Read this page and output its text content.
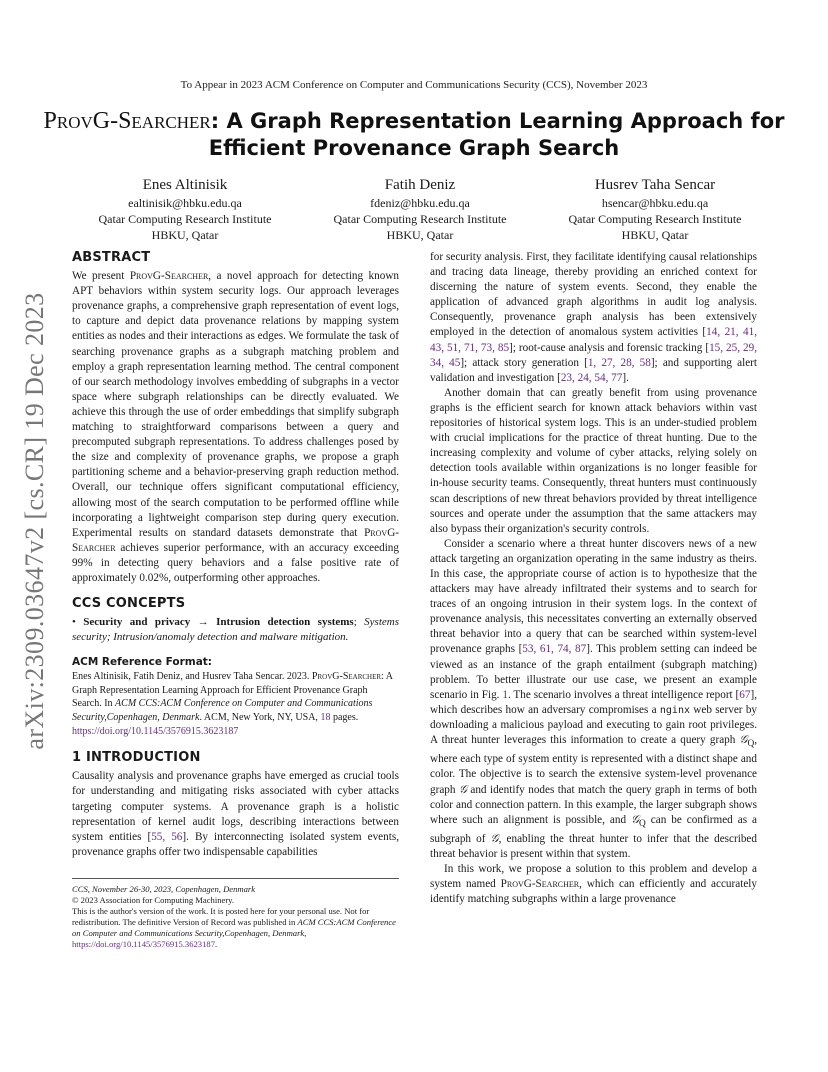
To Appear in 2023 ACM Conference on Computer and Communications Security (CCS), November 2023
ProvG-Searcher: A Graph Representation Learning Approach for
Efficient Provenance Graph Search
Enes Altinisik
ealtinisik@hbku.edu.qa
Qatar Computing Research Institute
HBKU, Qatar
Fatih Deniz
fdeniz@hbku.edu.qa
Qatar Computing Research Institute
HBKU, Qatar
Husrev Taha Sencar
hsencar@hbku.edu.qa
Qatar Computing Research Institute
HBKU, Qatar
arXiv:2309.03647v2 [cs.CR] 19 Dec 2023
ABSTRACT

We present ProvG-Searcher, a novel approach for detecting known APT behaviors within system security logs. Our approach leverages provenance graphs, a comprehensive graph representation of event logs, to capture and depict data provenance relations by mapping system entities as nodes and their interactions as edges. We formulate the task of searching provenance graphs as a subgraph matching problem and employ a graph representation learning method. The central component of our search methodology involves embedding of subgraphs in a vector space where subgraph relationships can be directly evaluated. We achieve this through the use of order embeddings that simplify subgraph matching to straightforward comparisons between a query and precomputed subgraph representations. To address challenges posed by the size and complexity of provenance graphs, we propose a graph partitioning scheme and a behavior-preserving graph reduction method. Overall, our technique offers significant computational efficiency, allowing most of the search computation to be performed offline while incorporating a lightweight comparison step during query execution. Experimental results on standard datasets demonstrate that ProvG-Searcher achieves superior performance, with an accuracy exceeding 99% in detecting query behaviors and a false positive rate of approximately 0.02%, outperforming other approaches.

CCS CONCEPTS
• Security and privacy → Intrusion detection systems; Systems security; Intrusion/anomaly detection and malware mitigation.
ACM Reference Format:
Enes Altinisik, Fatih Deniz, and Husrev Taha Sencar. 2023. ProvG-Searcher: A Graph Representation Learning Approach for Efficient Provenance Graph Search. In ACM CCS:ACM Conference on Computer and Communications Security,Copenhagen, Denmark. ACM, New York, NY, USA, 18 pages. https://doi.org/10.1145/3576915.3623187
1 INTRODUCTION

Causality analysis and provenance graphs have emerged as crucial tools for understanding and mitigating risks associated with cyber attacks targeting computer systems. A provenance graph is a holistic representation of kernel audit logs, describing interactions between system entities [55, 56]. By interconnecting isolated system events, provenance graphs offer two indispensable capabilities

CCS, November 26-30, 2023, Copenhagen, Denmark
© 2023 Association for Computing Machinery.
This is the author's version of the work. It is posted here for your personal use. Not for redistribution. The definitive Version of Record was published in ACM CCS:ACM Conference on Computer and Communications Security,Copenhagen, Denmark, https://doi.org/10.1145/3576915.3623187.

for security analysis. First, they facilitate identifying causal relationships and tracing data lineage, thereby providing an enriched context for discerning the nature of system events. Second, they enable the application of advanced graph algorithms in audit log analysis. Consequently, provenance graph analysis has been extensively employed in the detection of anomalous system activities [14, 21, 41, 43, 51, 71, 73, 85]; root-cause analysis and forensic tracking [15, 25, 29, 34, 45]; attack story generation [1, 27, 28, 58]; and supporting alert validation and investigation [23, 24, 54, 77].

Another domain that can greatly benefit from using provenance graphs is the efficient search for known attack behaviors within vast repositories of historical system logs. This is an under-studied problem with crucial implications for the practice of threat hunting. Due to the increasing complexity and volume of cyber attacks, relying solely on detection tools available within organizations is no longer feasible for in-house security teams. Consequently, threat hunters must continuously scan descriptions of new threat behaviors provided by threat intelligence sources and operate under the assumption that the same attackers may also bypass their organization's security controls.

Consider a scenario where a threat hunter discovers news of a new attack targeting an organization operating in the same industry as theirs. In this case, the appropriate course of action is to hypothesize that the attackers may have already infiltrated their systems and to search for traces of an ongoing intrusion in their system logs. In the context of provenance analysis, this necessitates converting an externally observed threat behavior into a query that can be searched within system-level provenance graphs [53, 61, 74, 87]. This problem setting can indeed be viewed as an instance of the graph entailment (subgraph matching) problem. To better illustrate our use case, we present an example scenario in Fig. 1. The scenario involves a threat intelligence report [67], which describes how an adversary compromises a nginx web server by downloading a malicious payload and executing to gain root privileges. A threat hunter leverages this information to create a query graph 𝒢$_Q$, where each type of system entity is represented with a distinct shape and color. The objective is to search the extensive system-level provenance graph 𝒢 and identify nodes that match the query graph in terms of both color and connection pattern. In this example, the larger subgraph shows where such an alignment is possible, and 𝒢$_Q$ can be confirmed as a subgraph of 𝒢, enabling the threat hunter to infer that the described threat behavior is present within that system.

In this work, we propose a solution to this problem and develop a system named ProvG-Searcher, which can efficiently and accurately identify matching subgraphs within a large provenance
